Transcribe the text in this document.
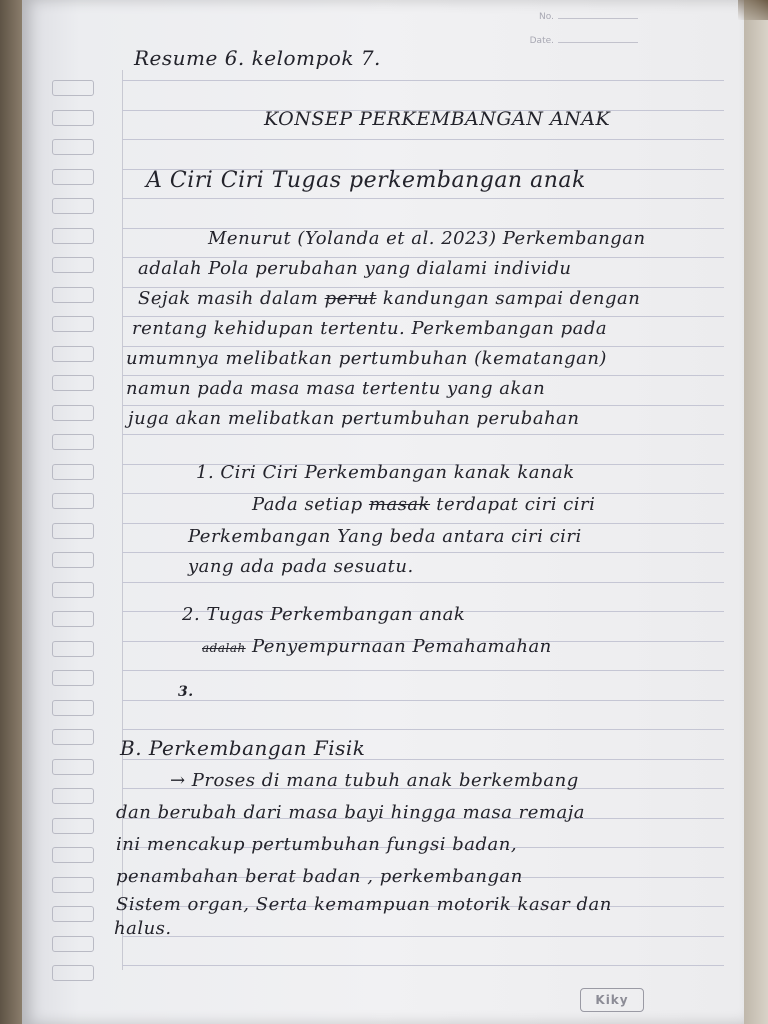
No.
Date.
Resume 6. kelompok 7.
KONSEP PERKEMBANGAN ANAK
A Ciri Ciri Tugas perkembangan anak
Menurut (Yolanda et al. 2023) Perkembangan
adalah Pola perubahan yang dialami individu
Sejak masih dalam perut kandungan sampai dengan
rentang kehidupan tertentu. Perkembangan pada
umumnya melibatkan pertumbuhan (kematangan)
namun pada masa masa tertentu yang akan
juga akan melibatkan pertumbuhan perubahan
1. Ciri Ciri Perkembangan kanak kanak
Pada setiap masak terdapat ciri ciri
Perkembangan Yang beda antara ciri ciri
yang ada pada sesuatu.
2. Tugas Perkembangan anak
adalah Penyempurnaan Pemahamahan
3.
B. Perkembangan Fisik
→ Proses di mana tubuh anak berkembang
dan berubah dari masa bayi hingga masa remaja
ini mencakup pertumbuhan fungsi badan,
penambahan berat badan , perkembangan
Sistem organ, Serta kemampuan motorik kasar dan
halus.
Kiky
